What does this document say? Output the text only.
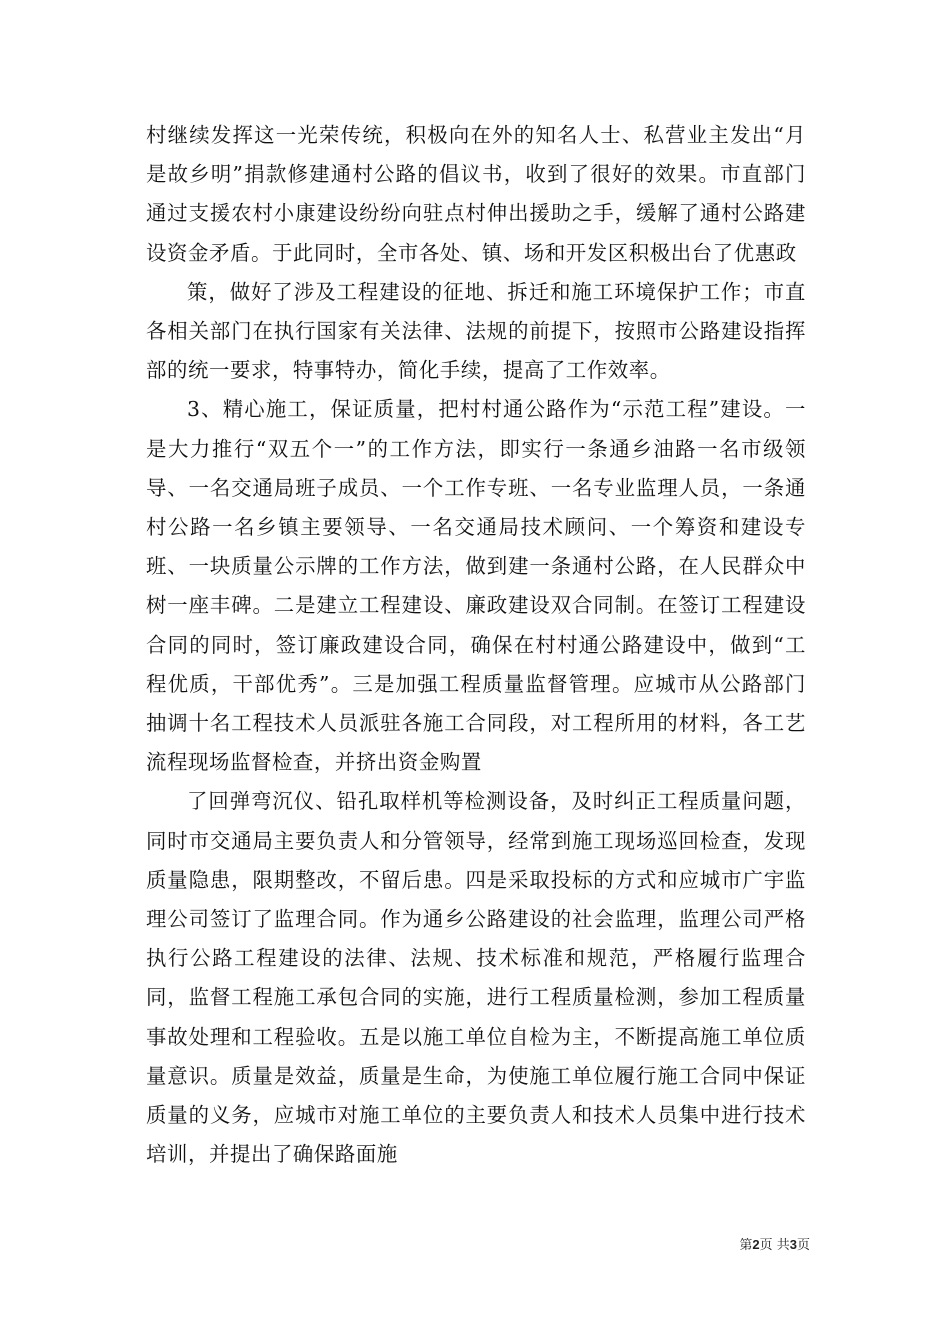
村继续发挥这一光荣传统，积极向在外的知名人士、私营业主发出“月是故乡明”捐款修建通村公路的倡议书，收到了很好的效果。市直部门通过支援农村小康建设纷纷向驻点村伸出援助之手，缓解了通村公路建设资金矛盾。于此同时，全市各处、镇、场和开发区积极出台了优惠政

策，做好了涉及工程建设的征地、拆迁和施工环境保护工作；市直各相关部门在执行国家有关法律、法规的前提下，按照市公路建设指挥部的统一要求，特事特办，简化手续，提高了工作效率。

3、精心施工，保证质量，把村村通公路作为“示范工程”建设。一是大力推行“双五个一”的工作方法，即实行一条通乡油路一名市级领导、一名交通局班子成员、一个工作专班、一名专业监理人员，一条通村公路一名乡镇主要领导、一名交通局技术顾问、一个筹资和建设专班、一块质量公示牌的工作方法，做到建一条通村公路，在人民群众中树一座丰碑。二是建立工程建设、廉政建设双合同制。在签订工程建设合同的同时，签订廉政建设合同，确保在村村通公路建设中，做到“工程优质，干部优秀”。三是加强工程质量监督管理。应城市从公路部门抽调十名工程技术人员派驻各施工合同段，对工程所用的材料，各工艺流程现场监督检查，并挤出资金购置

了回弹弯沉仪、铅孔取样机等检测设备，及时纠正工程质量问题，同时市交通局主要负责人和分管领导，经常到施工现场巡回检查，发现质量隐患，限期整改，不留后患。四是采取投标的方式和应城市广宇监理公司签订了监理合同。作为通乡公路建设的社会监理，监理公司严格执行公路工程建设的法律、法规、技术标准和规范，严格履行监理合同，监督工程施工承包合同的实施，进行工程质量检测，参加工程质量事故处理和工程验收。五是以施工单位自检为主，不断提高施工单位质量意识。质量是效益，质量是生命，为使施工单位履行施工合同中保证质量的义务，应城市对施工单位的主要负责人和技术人员集中进行技术培训，并提出了确保路面施

第2页 共3页
